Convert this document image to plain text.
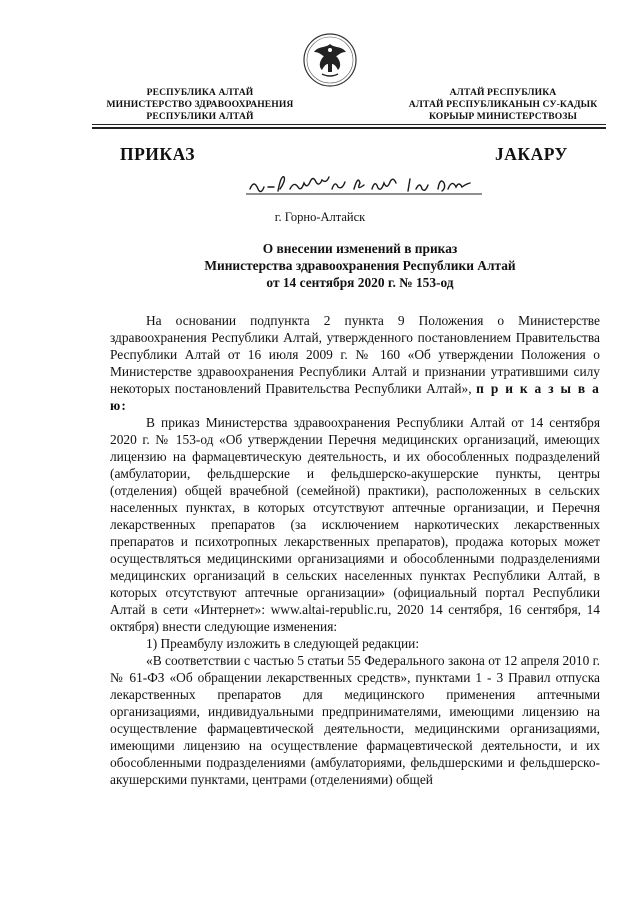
РЕСПУБЛИКА АЛТАЙ
МИНИСТЕРСТВО ЗДРАВООХРАНЕНИЯ
РЕСПУБЛИКИ АЛТАЙ
АЛТАЙ РЕСПУБЛИКА
АЛТАЙ РЕСПУБЛИКАНЫН СУ-КАДЫК
КОРЫЫР МИНИСТЕРСТВОЗЫ
ПРИКАЗ	JАКАРУ
г. Горно-Алтайск
О внесении изменений в приказ
Министерства здравоохранения Республики Алтай
от 14 сентября 2020 г. № 153-од

На основании подпункта 2 пункта 9 Положения о Министерстве здравоохранения Республики Алтай, утвержденного постановлением Правительства Республики Алтай от 16 июля 2009 г. № 160 «Об утверждении Положения о Министерстве здравоохранения Республики Алтай и признании утратившими силу некоторых постановлений Правительства Республики Алтай», п р и к а з ы в а ю:

В приказ Министерства здравоохранения Республики Алтай от 14 сентября 2020 г. № 153-од «Об утверждении Перечня медицинских организаций, имеющих лицензию на фармацевтическую деятельность, и их обособленных подразделений (амбулатории, фельдшерские и фельдшерско-акушерские пункты, центры (отделения) общей врачебной (семейной) практики), расположенных в сельских населенных пунктах, в которых отсутствуют аптечные организации, и Перечня лекарственных препаратов (за исключением наркотических лекарственных препаратов и психотропных лекарственных препаратов), продажа которых может осуществляться медицинскими организациями и обособленными подразделениями медицинских организаций в сельских населенных пунктах Республики Алтай, в которых отсутствуют аптечные организации» (официальный портал Республики Алтай в сети «Интернет»: www.altai-republic.ru, 2020 14 сентября, 16 сентября, 14 октября) внести следующие изменения:

1) Преамбулу изложить в следующей редакции:

«В соответствии с частью 5 статьи 55 Федерального закона от 12 апреля 2010 г. № 61-ФЗ «Об обращении лекарственных средств», пунктами 1 - 3 Правил отпуска лекарственных препаратов для медицинского применения аптечными организациями, индивидуальными предпринимателями, имеющими лицензию на осуществление фармацевтической деятельности, медицинскими организациями, имеющими лицензию на осуществление фармацевтической деятельности, и их обособленными подразделениями (амбулаториями, фельдшерскими и фельдшерско-акушерскими пунктами, центрами (отделениями) общей
